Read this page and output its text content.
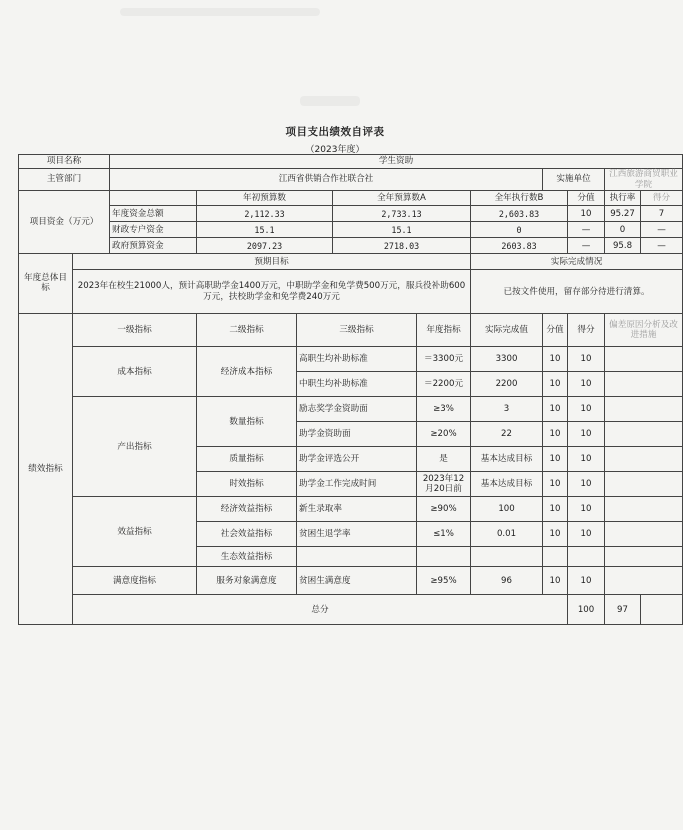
项目支出绩效自评表
（2023年度）
项目名称		学生资助									
主管部门		江西省供销合作社联合社						实施单位		江西旅游商贸职业学院	
项目资金（万元）			年初预算数		全年预算数A		全年执行数B		分值	执行率	得分
		年度资金总额	2,112.33		2,733.13		2,603.83		10	95.27	7
		财政专户资金	15.1		15.1		0		—	0	—
		政府预算资金	2097.23		2718.03		2603.83		—	95.8	—
年度总体目标	预期目标						实际完成情况				
	2023年在校生21000人，预计高职助学金1400万元，中职助学金和免学费500万元，服兵役补助600万元，扶校助学金和免学费240万元						已按文件使用，留存部分待进行清算。				
绩效指标	一级指标		二级指标	三级指标		年度指标	实际完成值	分值	得分	偏差原因分析及改进措施	
	成本指标		经济成本指标	高职生均补助标准		＝3300元	3300	10	10		
				中职生均补助标准		＝2200元	2200	10	10		
	产出指标		数量指标	励志奖学金资助面		≥3%	3	10	10		
				助学金资助面		≥20%	22	10	10		
			质量指标	助学金评选公开		是	基本达成目标	10	10		
			时效指标	助学金工作完成时间		2023年12月20日前	基本达成目标	10	10		
	效益指标		经济效益指标	新生录取率		≥90%	100	10	10		
			社会效益指标	贫困生退学率		≤1%	0.01	10	10		
			生态效益指标								
	满意度指标		服务对象满意度	贫困生满意度		≥95%	96	10	10		
	总分								100	97	
